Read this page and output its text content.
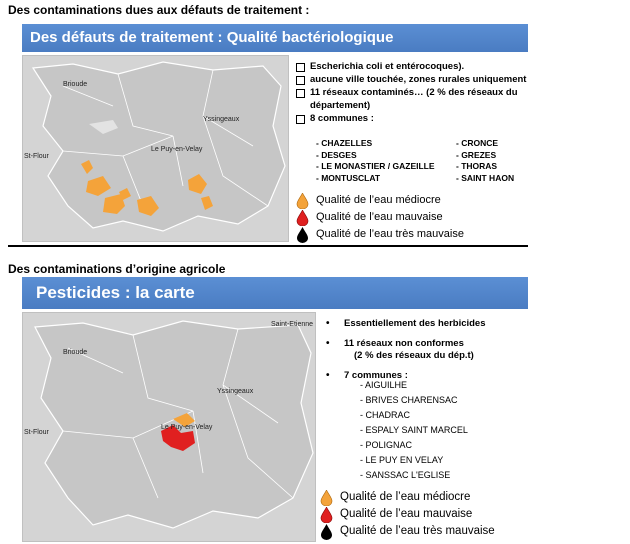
Des contaminations dues aux défauts de traitement :
Des défauts de traitement : Qualité bactériologique
Brioude
Yssingeaux
Le Puy-en-Velay
St-Flour
Escherichia coli et entérocoques).
aucune ville touchée, zones rurales uniquement
11 réseaux contaminés… (2 % des réseaux du département)
8 communes :
- CHAZELLES	- CRONCE
- DESGES	- GREZES
- LE MONASTIER / GAZEILLE	- THORAS
- MONTUSCLAT	- SAINT HAON
Qualité de l’eau médiocre
Qualité de l’eau mauvaise
Qualité de l’eau très mauvaise
Des contaminations d’origine agricole
Pesticides : la carte
Saint-Etienne
Brioude
Yssingeaux
Le Puy-en-Velay
St-Flour
• Essentiellement des herbicides
• 11 réseaux non conformes
(2 % des réseaux du dép.t)
• 7 communes :
- AIGUILHE
- BRIVES CHARENSAC
- CHADRAC
- ESPALY SAINT MARCEL
- POLIGNAC
- LE PUY EN VELAY
- SANSSAC L'EGLISE
Qualité de l’eau médiocre
Qualité de l’eau mauvaise
Qualité de l’eau très mauvaise
